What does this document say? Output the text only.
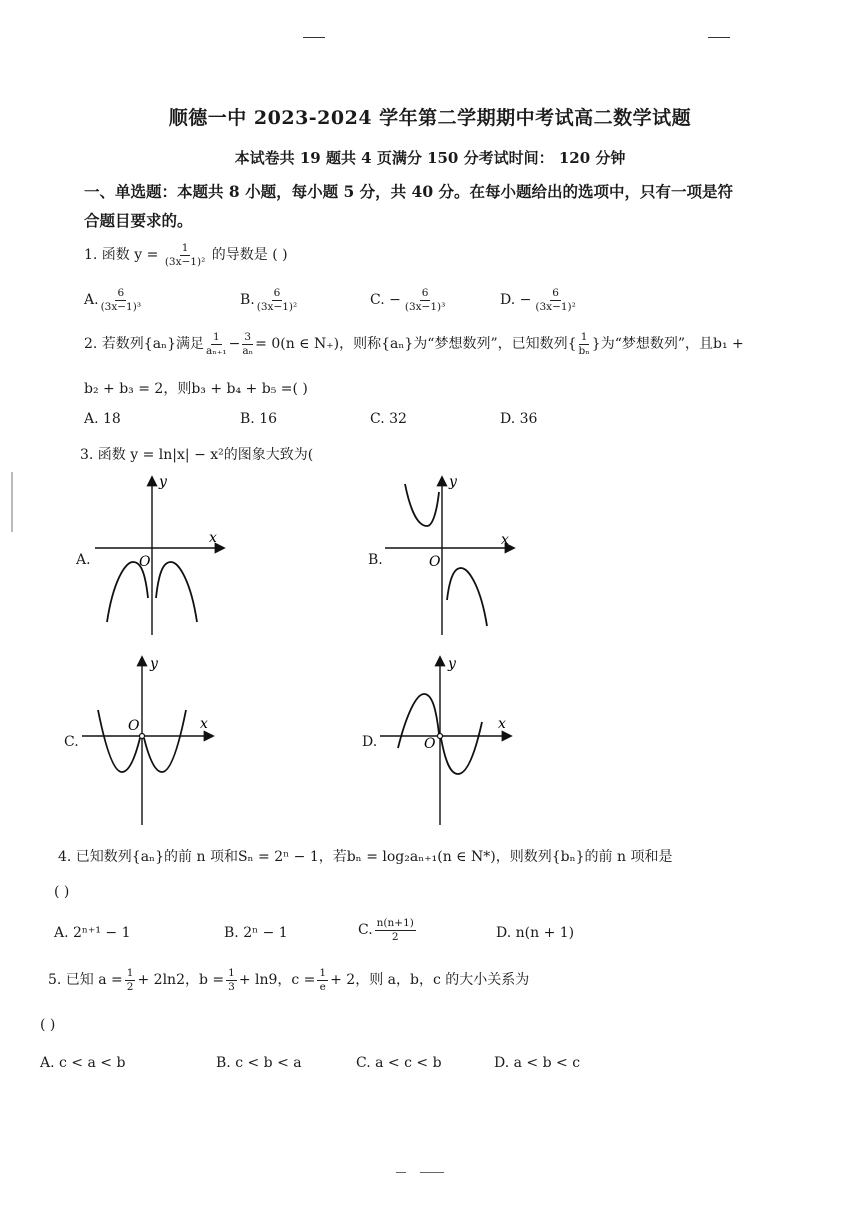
顺德一中 2023-2024 学年第二学期期中考试高二数学试题
本试卷共 19 题共 4 页满分 150 分考试时间： 120 分钟
一、单选题：本题共 8 小题，每小题 5 分，共 40 分。在每小题给出的选项中，只有一项是符
合题目要求的。
1. 函数 $y = \frac{1}{\text{(3x−1)²}}$ 的导数是 ( )
A. $\frac{6}{\text{(3x−1)³}}$	B. $\frac{6}{\text{(3x−1)²}}$	C. − $\frac{6}{\text{(3x−1)³}}$	D. − $\frac{6}{\text{(3x−1)²}}$
2. 若数列{aₙ}满足 $\frac{1}{\text{aₙ₊₁}} - \frac{3}{\text{aₙ}} = 0(n$ ∈ N₊)，则称{aₙ}为“梦想数列”，已知数列{ $\frac{1}{\text{bₙ}}$ }为“梦想数列”，且b₁ +
b₂ + b₃ = 2，则b₃ + b₄ + b₅ =( )
A. 18	B. 16	C. 32	D. 36
3. 函数 y = ln|x| − x²的图象大致为(
A.
x
y
O	B.
x
y
O
C.
x
y
O
D.
x
y
O
4. 已知数列{aₙ}的前 n 项和Sₙ = 2ⁿ − 1，若bₙ = log₂aₙ₊₁(n ∈ N*)，则数列{bₙ}的前 n 项和是
( )
A. 2ⁿ⁺¹ − 1	B. 2ⁿ − 1	C. $\frac{n(n+1)}{2}$	D. n(n + 1)
5. 已知 $a = \frac{1}{2} + 2\ln 2$，$b = \frac{1}{3} + \ln 9$，$c = \frac{1}{e} + 2$，则 a，b，c 的大小关系为
( )
A. c < a < b	B. c < b < a	C. a < c < b	D. a < b < c
